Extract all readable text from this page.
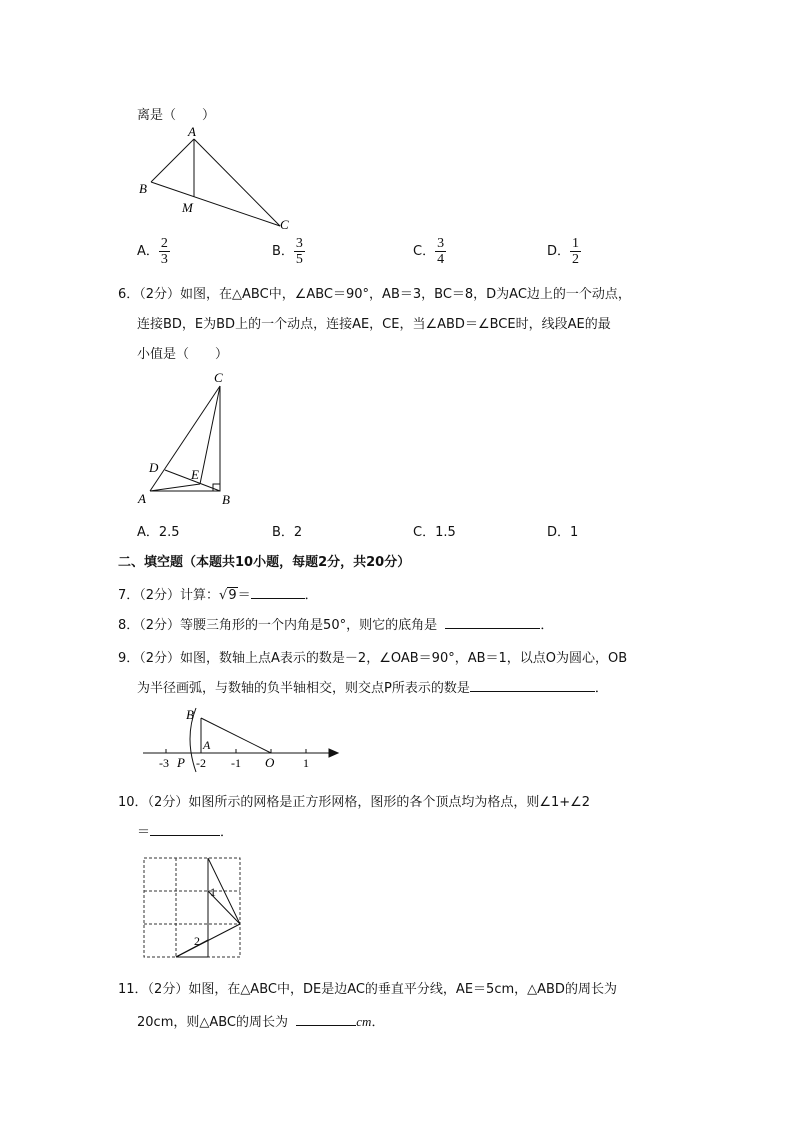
离是（　　）
A
B
M
C
A． $\frac{2}{3}$	B． $\frac{3}{5}$	C． $\frac{3}{4}$	D． $\frac{1}{2}$
6．（2分）如图，在△ABC中，∠ABC＝90°，AB＝3，BC＝8，D为AC边上的一个动点，
连接BD，E为BD上的一个动点，连接AE，CE，当∠ABD＝∠BCE时，线段AE的最
小值是（　　）
C
D	E
A	B
A．2.5	B．2	C．1.5	D．1
二、填空题（本题共10小题，每题2分，共20分）
7．（2分）计算：√9＝	．
8．（2分）等腰三角形的一个内角是50°，则它的底角是	．
9．（2分）如图，数轴上点A表示的数是－2，∠OAB＝90°，AB＝1，以点O为圆心，OB
为半径画弧，与数轴的负半轴相交，则交点P所表示的数是	．
B
A
-3 P -2 -1 O 1
10．（2分）如图所示的网格是正方形网格，图形的各个顶点均为格点，则∠1+∠2
＝	．
1
2
11．（2分）如图，在△ABC中，DE是边AC的垂直平分线，AE＝5cm，△ABD的周长为
20cm，则△ABC的周长为	cm．
